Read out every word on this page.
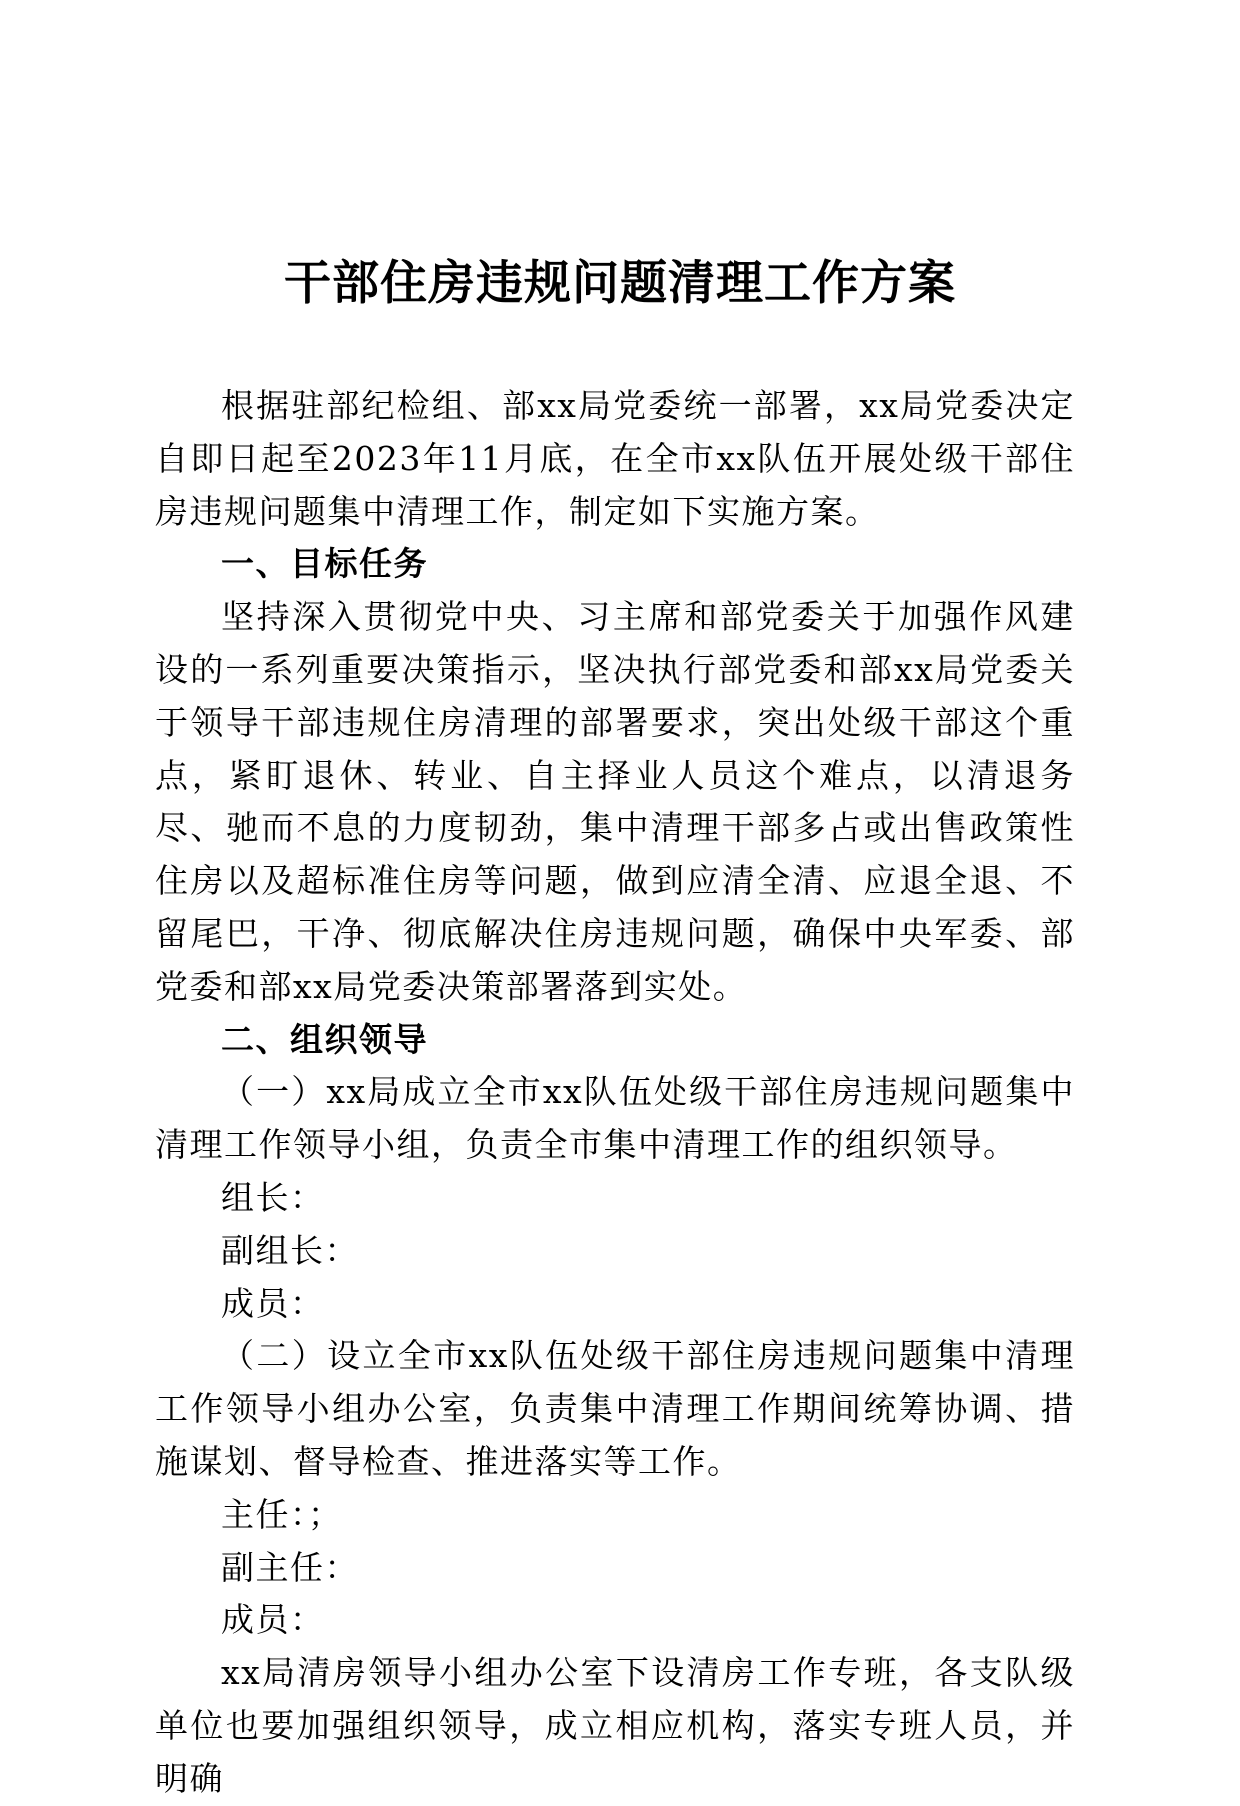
干部住房违规问题清理工作方案

根据驻部纪检组、部xx局党委统一部署，xx局党委决定自即日起至2023年11月底，在全市xx队伍开展处级干部住房违规问题集中清理工作，制定如下实施方案。

一、目标任务

坚持深入贯彻党中央、习主席和部党委关于加强作风建设的一系列重要决策指示，坚决执行部党委和部xx局党委关于领导干部违规住房清理的部署要求，突出处级干部这个重点，紧盯退休、转业、自主择业人员这个难点，以清退务尽、驰而不息的力度韧劲，集中清理干部多占或出售政策性住房以及超标准住房等问题，做到应清全清、应退全退、不留尾巴，干净、彻底解决住房违规问题，确保中央军委、部党委和部xx局党委决策部署落到实处。

二、组织领导

（一）xx局成立全市xx队伍处级干部住房违规问题集中清理工作领导小组，负责全市集中清理工作的组织领导。

组长：

副组长：

成员：

（二）设立全市xx队伍处级干部住房违规问题集中清理工作领导小组办公室，负责集中清理工作期间统筹协调、措施谋划、督导检查、推进落实等工作。

主任：；

副主任：

成员：

xx局清房领导小组办公室下设清房工作专班，各支队级单位也要加强组织领导，成立相应机构，落实专班人员，并明确
